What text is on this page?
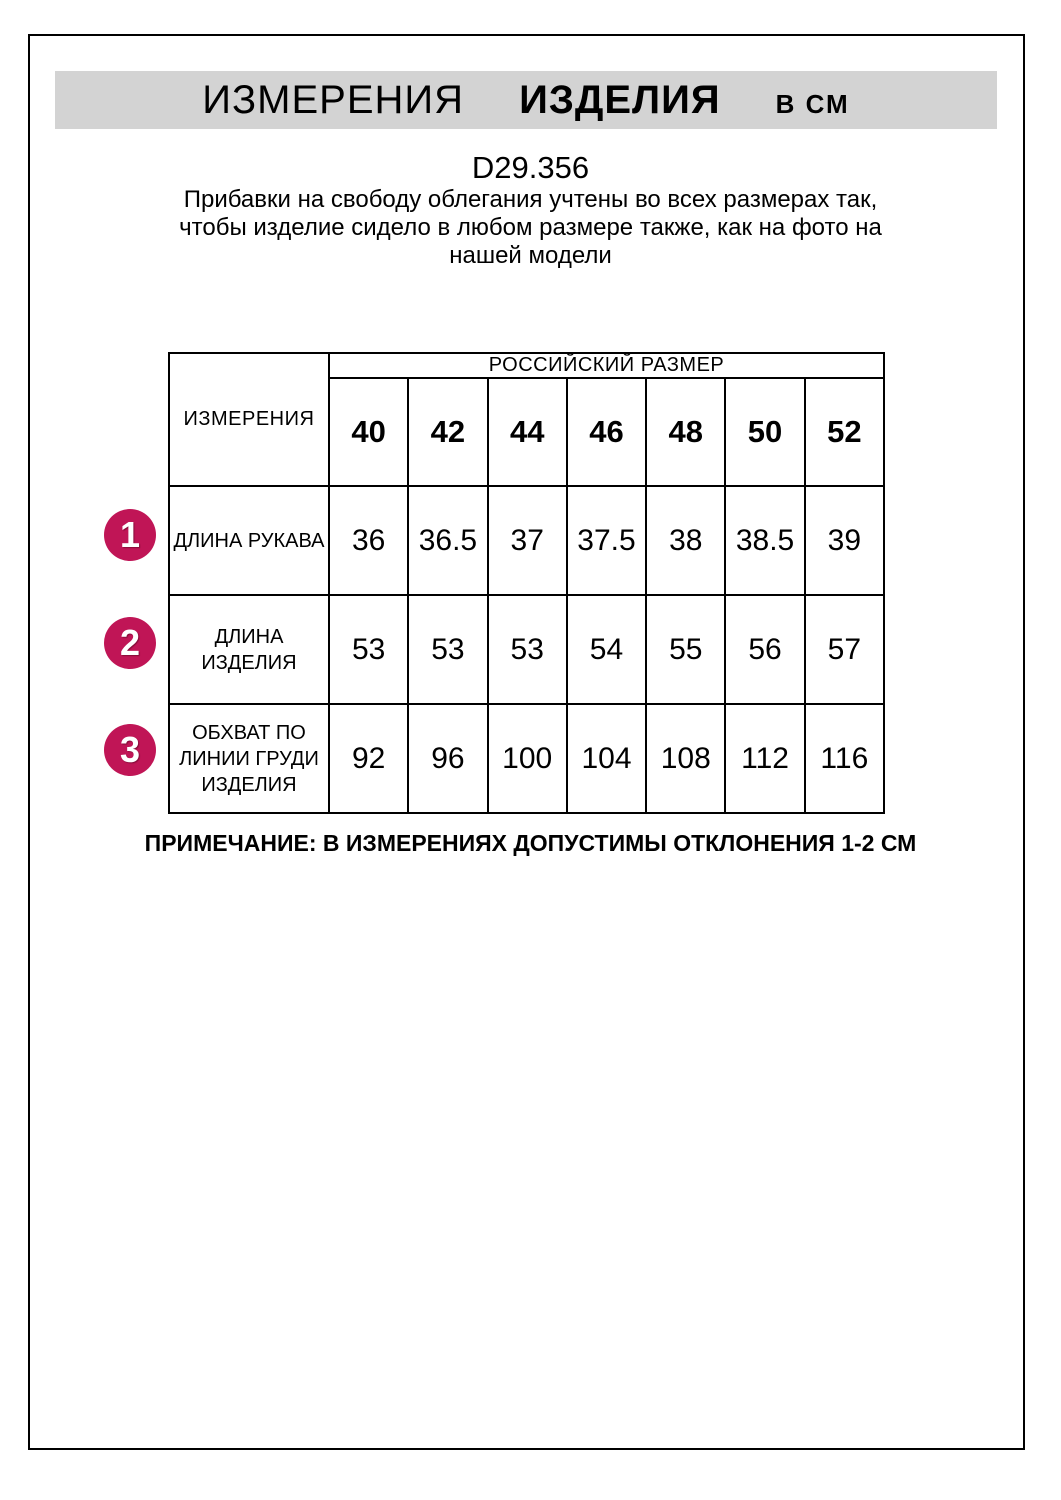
ИЗМЕРЕНИЯ ИЗДЕЛИЯ В СМ
D29.356
Прибавки на свободу облегания учтены во всех размерах так,
чтобы изделие сидело в любом размере также, как на фото на
нашей модели
ИЗМЕРЕНИЯ	РОССИЙСКИЙ РАЗМЕР						
	40	42	44	46	48	50	52
ДЛИНА РУКАВА	36	36.5	37	37.5	38	38.5	39
ДЛИНА ИЗДЕЛИЯ	53	53	53	54	55	56	57
ОБХВАТ ПО ЛИНИИ ГРУДИ ИЗДЕЛИЯ	92	96	100	104	108	112	116
1
2
3
ПРИМЕЧАНИЕ: В ИЗМЕРЕНИЯХ ДОПУСТИМЫ ОТКЛОНЕНИЯ 1-2 СМ
